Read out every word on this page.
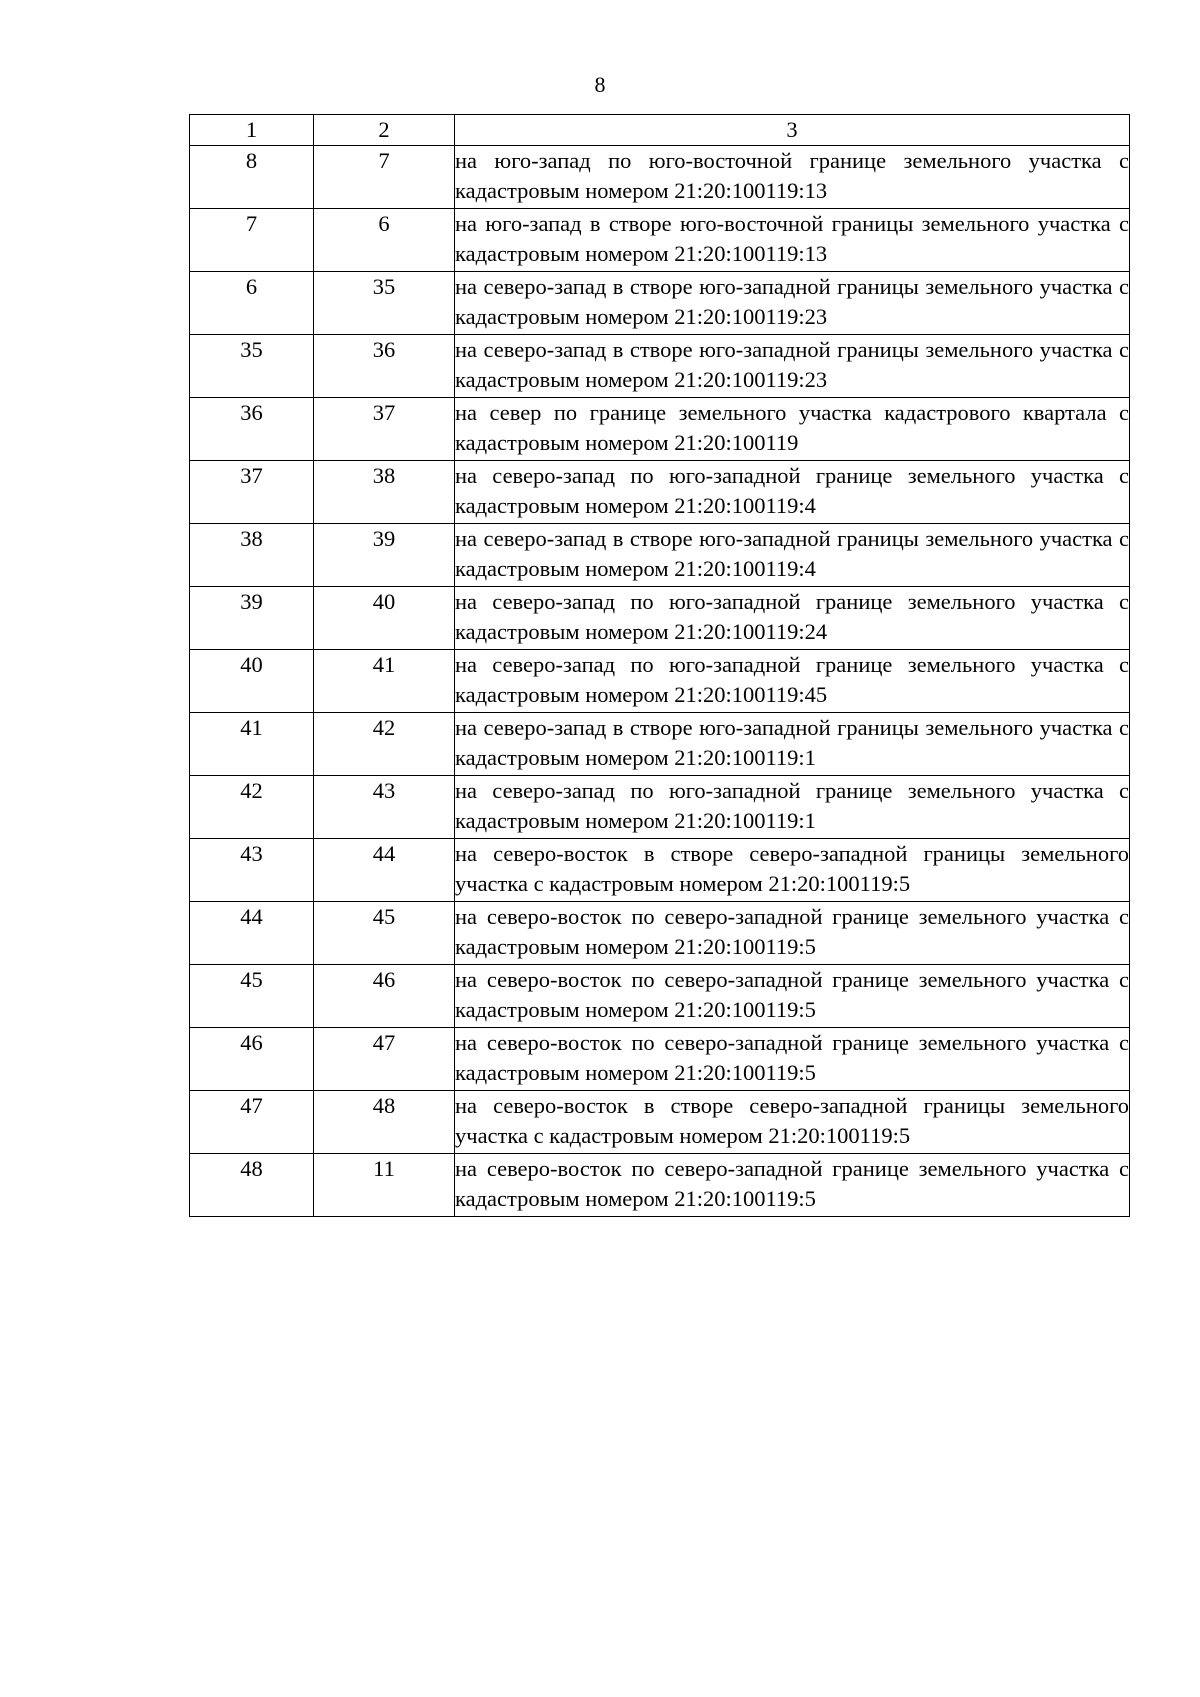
8
1	2	3
8	7	на юго-запад по юго-восточной границе земельного участка с кадастровым номером 21:20:100119:13
7	6	на юго-запад в створе юго-восточной границы земельного участка с кадастровым номером 21:20:100119:13
6	35	на северо-запад в створе юго-западной границы земельного участка с кадастровым номером 21:20:100119:23
35	36	на северо-запад в створе юго-западной границы земельного участка с кадастровым номером 21:20:100119:23
36	37	на север по границе земельного участка кадастрового квартала с кадастровым номером 21:20:100119
37	38	на северо-запад по юго-западной границе земельного участка с кадастровым номером 21:20:100119:4
38	39	на северо-запад в створе юго-западной границы земельного участка с кадастровым номером 21:20:100119:4
39	40	на северо-запад по юго-западной границе земельного участка с кадастровым номером 21:20:100119:24
40	41	на северо-запад по юго-западной границе земельного участка с кадастровым номером 21:20:100119:45
41	42	на северо-запад в створе юго-западной границы земельного участка с кадастровым номером 21:20:100119:1
42	43	на северо-запад по юго-западной границе земельного участка с кадастровым номером 21:20:100119:1
43	44	на северо-восток в створе северо-западной границы земельного участка с кадастровым номером 21:20:100119:5
44	45	на северо-восток по северо-западной границе земельного участка с кадастровым номером 21:20:100119:5
45	46	на северо-восток по северо-западной границе земельного участка с кадастровым номером 21:20:100119:5
46	47	на северо-восток по северо-западной границе земельного участка с кадастровым номером 21:20:100119:5
47	48	на северо-восток в створе северо-западной границы земельного участка с кадастровым номером 21:20:100119:5
48	11	на северо-восток по северо-западной границе земельного участка с кадастровым номером 21:20:100119:5
